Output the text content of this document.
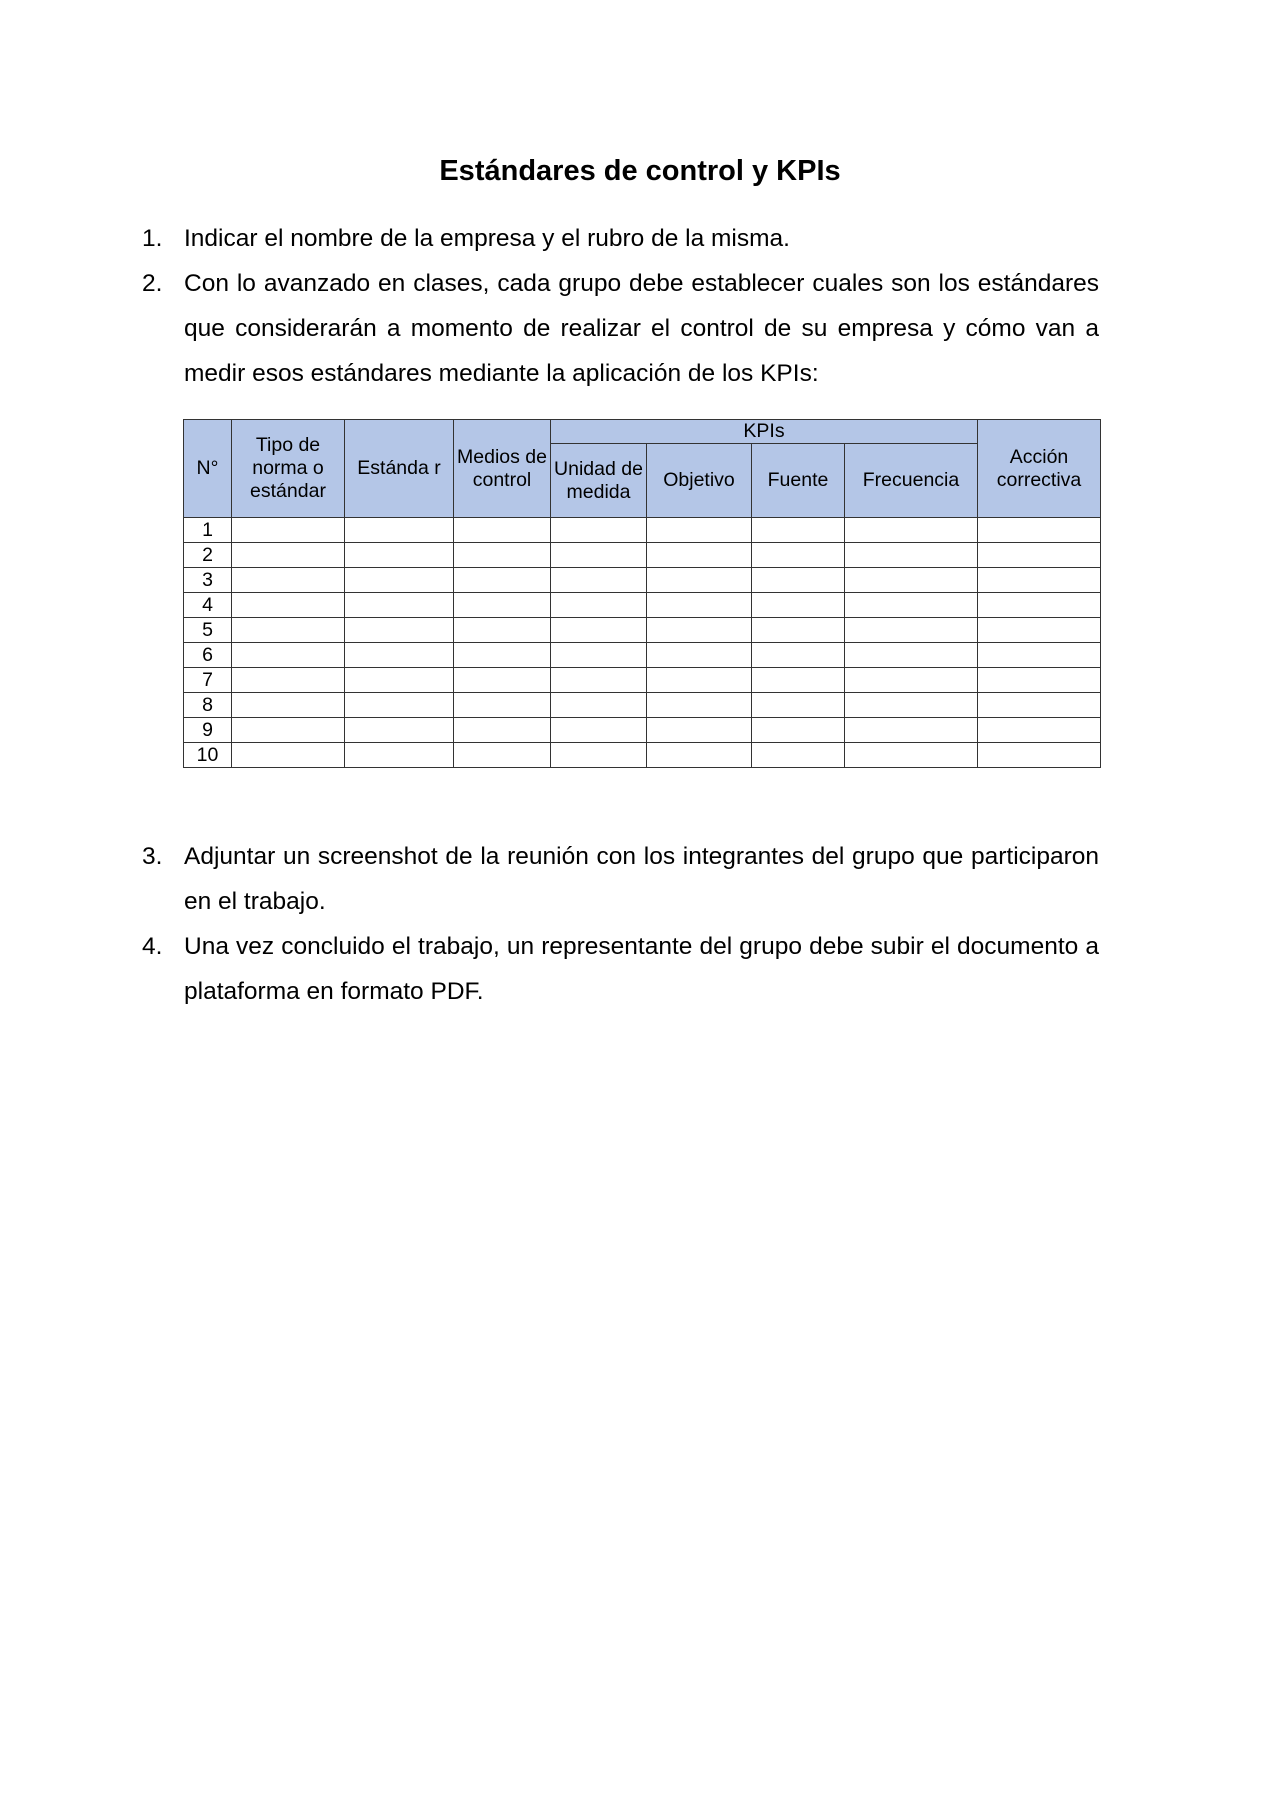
Estándares de control y KPIs
1. Indicar el nombre de la empresa y el rubro de la misma.
2. Con lo avanzado en clases, cada grupo debe establecer cuales son los estándares que considerarán a momento de realizar el control de su empresa y cómo van a medir esos estándares mediante la aplicación de los KPIs:
N°	Tipo de norma o estándar	Estánda r	Medios de control	KPIs				Acción correctiva
				Unidad de medida	Objetivo	Fuente	Frecuencia	
1								
2								
3								
4								
5								
6								
7								
8								
9								
10								
3. Adjuntar un screenshot de la reunión con los integrantes del grupo que participaron en el trabajo.
4. Una vez concluido el trabajo, un representante del grupo debe subir el documento a plataforma en formato PDF.
